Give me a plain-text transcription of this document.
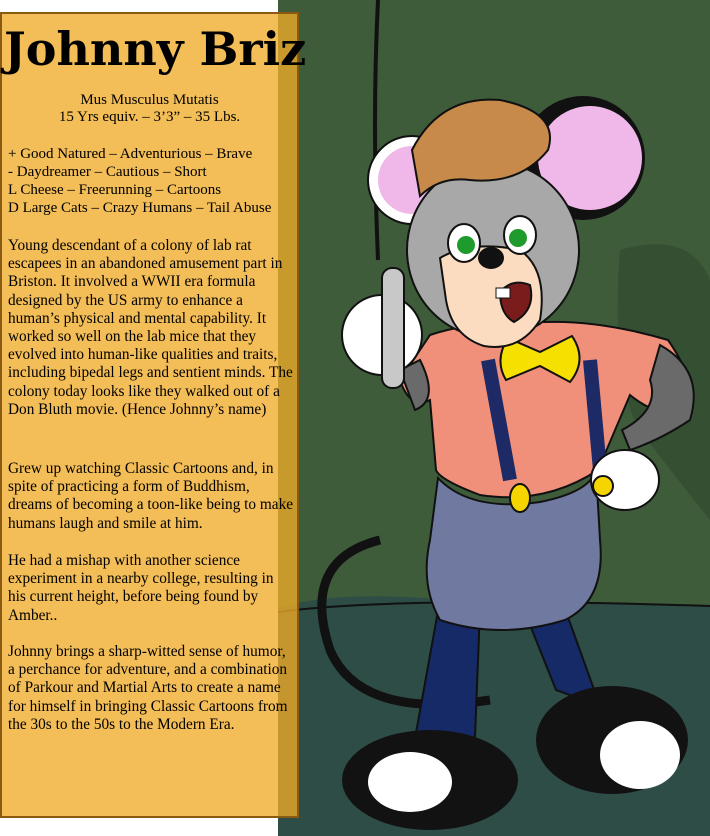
Johnny Briz
Mus Musculus Mutatis
15 Yrs equiv. – 3’3” – 35 Lbs.
+ Good Natured – Adventurious – Brave
- Daydreamer – Cautious – Short
L Cheese – Freerunning – Cartoons
D Large Cats – Crazy Humans – Tail Abuse
Young descendant of a colony of lab rat escapees in an abandoned amusement part in Briston. It involved a WWII era formula designed by the US army to enhance a human’s physical and mental capability. It worked so well on the lab mice that they evolved into human-like qualities and traits, including bipedal legs and sentient minds. The colony today looks like they walked out of a Don Bluth movie. (Hence Johnny’s name)
Grew up watching Classic Cartoons and, in spite of practicing a form of Buddhism, dreams of becoming a toon-like being to make humans laugh and smile at him.
He had a mishap with another science experiment in a nearby college, resulting in his current height, before being found by Amber..
Johnny brings a sharp-witted sense of humor, a perchance for adventure, and a combination of Parkour and Martial Arts to create a name for himself in bringing Classic Cartoons from the 30s to the 50s to the Modern Era.
